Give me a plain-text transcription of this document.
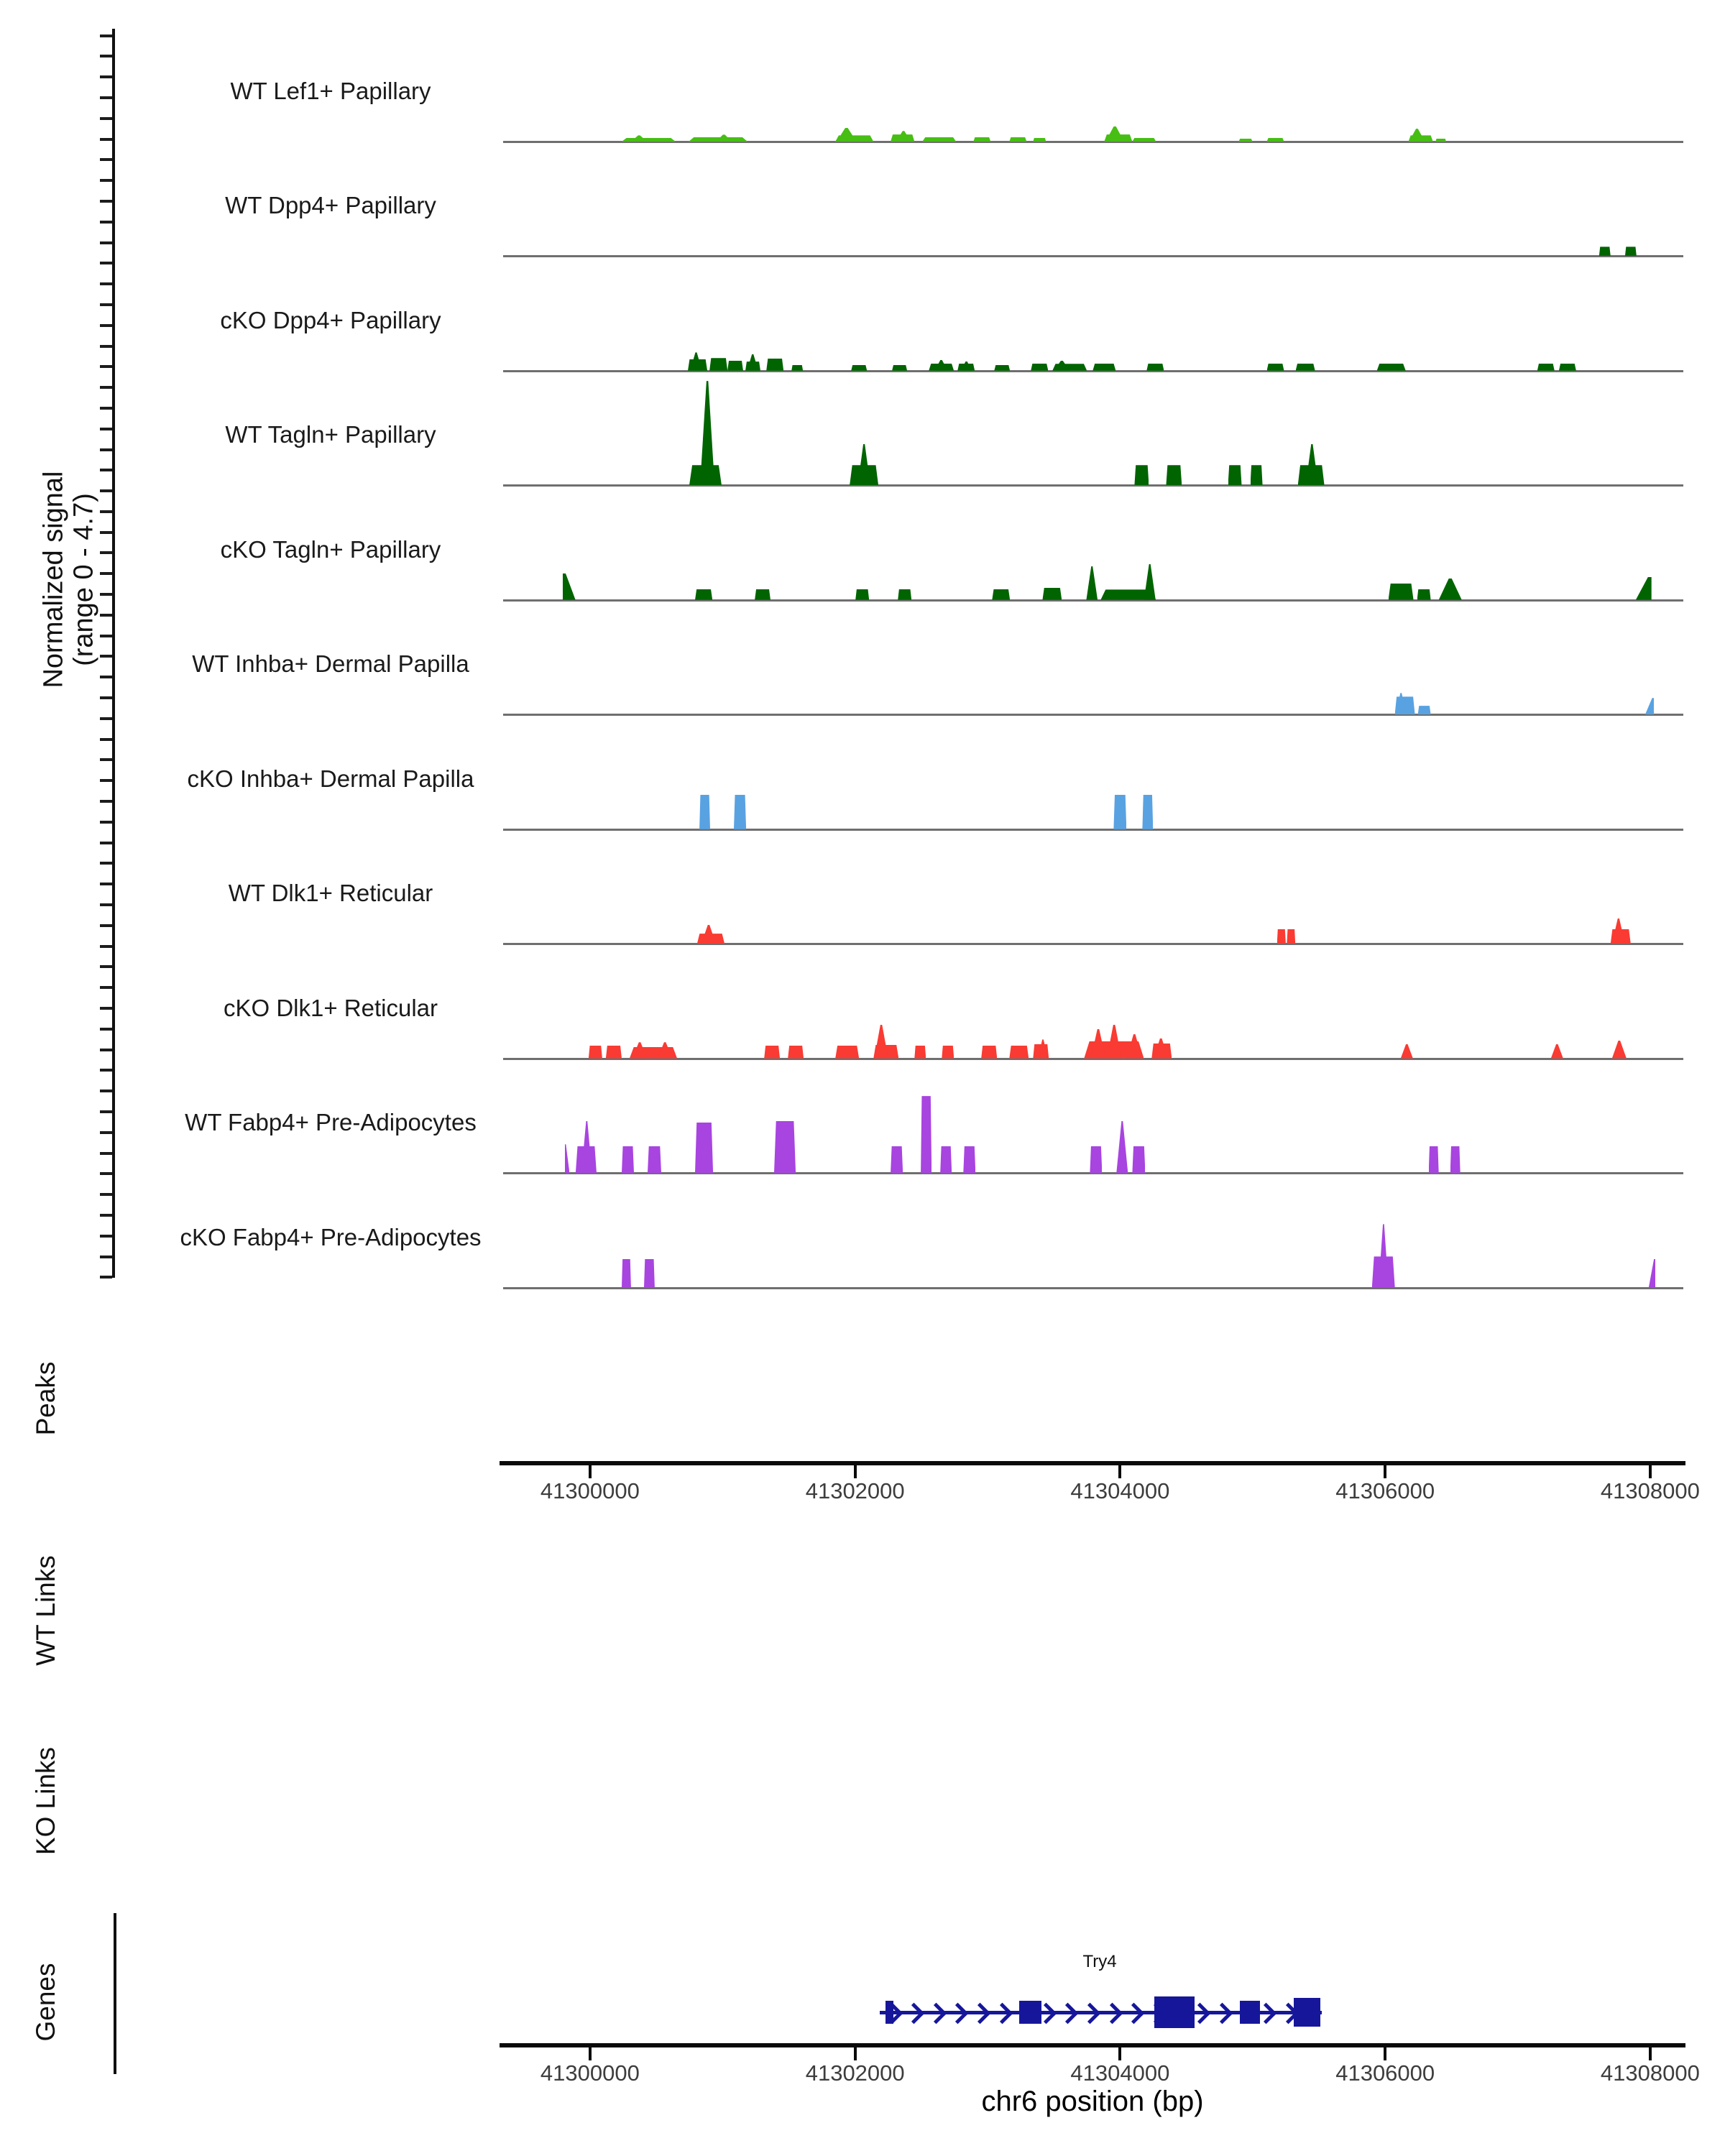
Normalized signal (range 0 - 4.7)
Peaks
WT Links
KO Links
Genes
WT Lef1+ Papillary
WT Dpp4+ Papillary
cKO Dpp4+ Papillary
WT Tagln+ Papillary
cKO Tagln+ Papillary
WT Inhba+ Dermal Papilla
cKO Inhba+ Dermal Papilla
WT Dlk1+ Reticular
cKO Dlk1+ Reticular
WT Fabp4+ Pre-Adipocytes
cKO Fabp4+ Pre-Adipocytes
41300000	41302000	41304000	41306000	41308000
41300000	41302000	41304000	41306000	41308000
Try4
chr6 position (bp)
